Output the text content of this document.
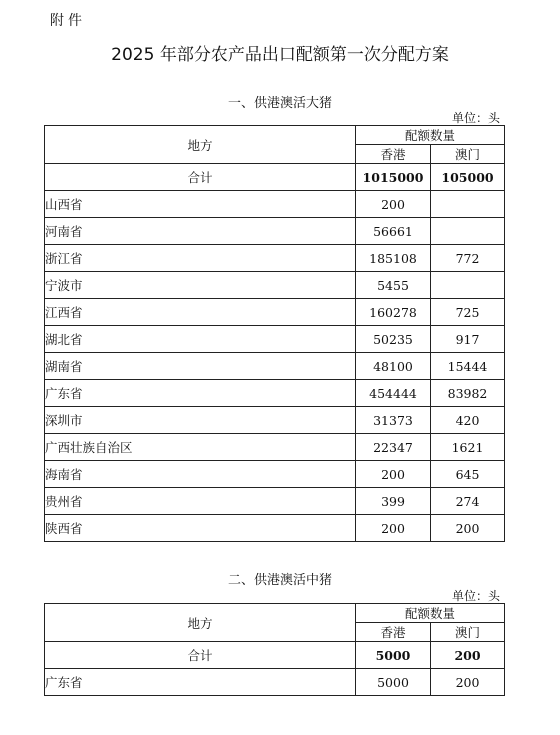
附件
2025 年部分农产品出口配额第一次分配方案
一、供港澳活大猪
单位：头
地方	配额数量	
	香港	澳门
合计	1015000	105000
山西省	200	
河南省	56661	
浙江省	185108	772
宁波市	5455	
江西省	160278	725
湖北省	50235	917
湖南省	48100	15444
广东省	454444	83982
深圳市	31373	420
广西壮族自治区	22347	1621
海南省	200	645
贵州省	399	274
陕西省	200	200
二、供港澳活中猪
单位：头
地方	配额数量	
	香港	澳门
合计	5000	200
广东省	5000	200
